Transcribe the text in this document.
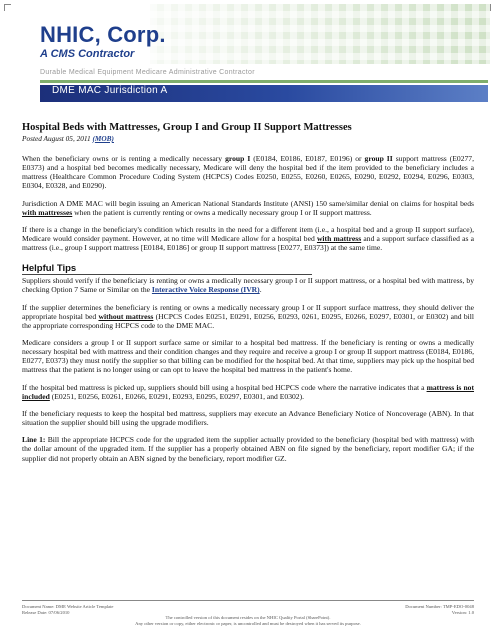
NHIC, Corp.
A CMS Contractor
Durable Medical Equipment Medicare Administrative Contractor
DME MAC Jurisdiction A
Hospital Beds with Mattresses, Group I and Group II Support Mattresses
Posted August 05, 2011 (MOB)

When the beneficiary owns or is renting a medically necessary group I (E0184, E0186, E0187, E0196) or group II support mattress (E0277, E0373) and a hospital bed becomes medically necessary, Medicare will deny the hospital bed if the item provided to the beneficiary includes a mattress (Healthcare Common Procedure Coding System (HCPCS) Codes E0250, E0255, E0260, E0265, E0290, E0292, E0294, E0296, E0303, E0304, E0328, and E0290).

Jurisdiction A DME MAC will begin issuing an American National Standards Institute (ANSI) 150 same/similar denial on claims for hospital beds with mattresses when the patient is currently renting or owns a medically necessary group I or II support mattress.

If there is a change in the beneficiary's condition which results in the need for a different item (i.e., a hospital bed and a group II support surface), Medicare would consider payment. However, at no time will Medicare allow for a hospital bed with mattress and a support surface classified as a mattress (i.e., group I support mattress [E0184, E0186] or group II support mattress [E0277, E0373]) at the same time.

Helpful Tips

Suppliers should verify if the beneficiary is renting or owns a medically necessary group I or II support mattress, or a hospital bed with mattress, by checking Option 7 Same or Similar on the Interactive Voice Response (IVR).

If the supplier determines the beneficiary is renting or owns a medically necessary group I or II support surface mattress, they should deliver the appropriate hospital bed without mattress (HCPCS Codes E0251, E0291, E0256, E0293, 0261, E0295, E0266, E0297, E0301, or E0302) and bill the appropriate corresponding HCPCS code to the DME MAC.

Medicare considers a group I or II support surface same or similar to a hospital bed mattress. If the beneficiary is renting or owns a medically necessary hospital bed with mattress and their condition changes and they require and receive a group I or group II support mattress (E0184, E0186, E0277, E0373) they must notify the supplier so that billing can be modified for the hospital bed. At that time, suppliers may pick up the hospital bed mattress that the patient is no longer using or can opt to leave the hospital bed mattress in the patient's home.

If the hospital bed mattress is picked up, suppliers should bill using a hospital bed HCPCS code where the narrative indicates that a mattress is not included (E0251, E0256, E0261, E0266, E0291, E0293, E0295, E0297, E0301, and E0302).

If the beneficiary requests to keep the hospital bed mattress, suppliers may execute an Advance Beneficiary Notice of Noncoverage (ABN). In that situation the supplier should bill using the upgrade modifiers.

Line 1: Bill the appropriate HCPCS code for the upgraded item the supplier actually provided to the beneficiary (hospital bed with mattress) with the dollar amount of the upgraded item. If the supplier has a properly obtained ABN on file signed by the beneficiary, report modifier GA; if the supplier did not properly obtain an ABN signed by the beneficiary, report modifier GZ.

Document Name: DME Website Article Template	Document Number: TMP-EDO-0048
Release Date: 07/06/2010	Version: 1.0
The controlled version of this document resides on the NHIC Quality Portal (SharePoint).
Any other version or copy, either electronic or paper, is uncontrolled and must be destroyed when it has served its purpose.
